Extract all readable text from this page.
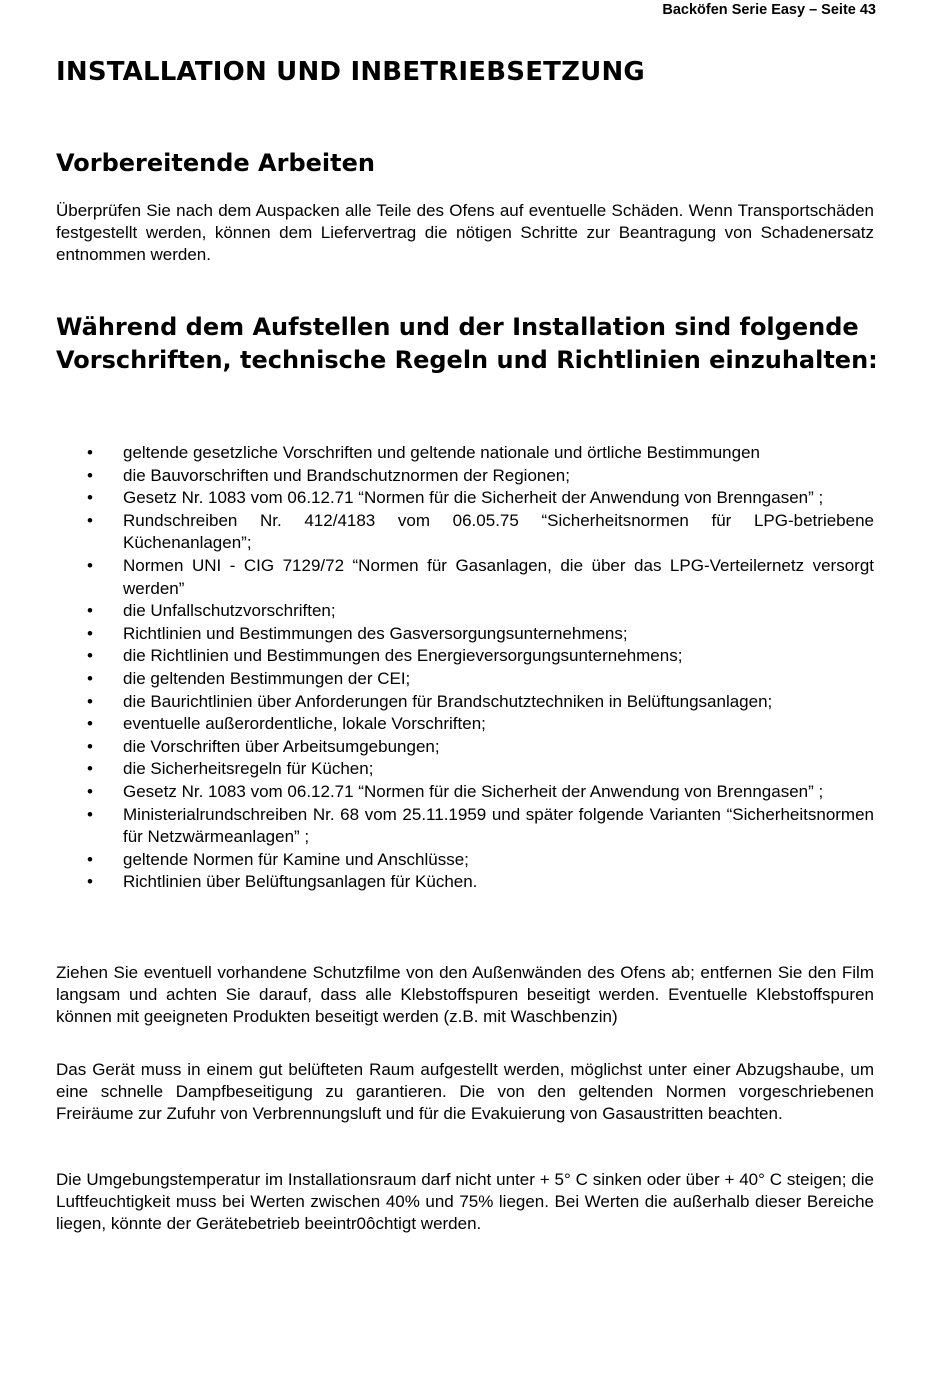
Backöfen Serie Easy – Seite 43
INSTALLATION UND INBETRIEBSETZUNG
Vorbereitende Arbeiten
Überprüfen Sie nach dem Auspacken alle Teile des Ofens auf eventuelle Schäden. Wenn Transportschäden festgestellt werden, können dem Liefervertrag die nötigen Schritte zur Beantragung von Schadenersatz entnommen werden.
Während dem Aufstellen und der Installation sind folgende Vorschriften, technische Regeln und Richtlinien einzuhalten:
• geltende gesetzliche Vorschriften und geltende nationale und örtliche Bestimmungen
• die Bauvorschriften und Brandschutznormen der Regionen;
• Gesetz Nr. 1083 vom 06.12.71 “Normen für die Sicherheit der Anwendung von Brenngasen” ;
• Rundschreiben Nr. 412/4183 vom 06.05.75 “Sicherheitsnormen für LPG-betriebene Küchenanlagen”;
• Normen UNI - CIG 7129/72 “Normen für Gasanlagen, die über das LPG-Verteilernetz versorgt werden”
• die Unfallschutzvorschriften;
• Richtlinien und Bestimmungen des Gasversorgungsunternehmens;
• die Richtlinien und Bestimmungen des Energieversorgungsunternehmens;
• die geltenden Bestimmungen der CEI;
• die Baurichtlinien über Anforderungen für Brandschutztechniken in Belüftungsanlagen;
• eventuelle außerordentliche, lokale Vorschriften;
• die Vorschriften über Arbeitsumgebungen;
• die Sicherheitsregeln für Küchen;
• Gesetz Nr. 1083 vom 06.12.71 “Normen für die Sicherheit der Anwendung von Brenngasen” ;
• Ministerialrundschreiben Nr. 68 vom 25.11.1959 und später folgende Varianten “Sicherheitsnormen für Netzwärmeanlagen” ;
• geltende Normen für Kamine und Anschlüsse;
• Richtlinien über Belüftungsanlagen für Küchen.
Ziehen Sie eventuell vorhandene Schutzfilme von den Außenwänden des Ofens ab; entfernen Sie den Film langsam und achten Sie darauf, dass alle Klebstoffspuren beseitigt werden. Eventuelle Klebstoffspuren können mit geeigneten Produkten beseitigt werden (z.B. mit Waschbenzin)
Das Gerät muss in einem gut belüfteten Raum aufgestellt werden, möglichst unter einer Abzugshaube, um eine schnelle Dampfbeseitigung zu garantieren. Die von den geltenden Normen vorgeschriebenen Freiräume zur Zufuhr von Verbrennungsluft und für die Evakuierung von Gasaustritten beachten.
Die Umgebungstemperatur im Installationsraum darf nicht unter + 5° C sinken oder über + 40° C steigen; die Luftfeuchtigkeit muss bei Werten zwischen 40% und 75% liegen. Bei Werten die außerhalb dieser Bereiche liegen, könnte der Gerätebetrieb beeintr0ôchtigt werden.
